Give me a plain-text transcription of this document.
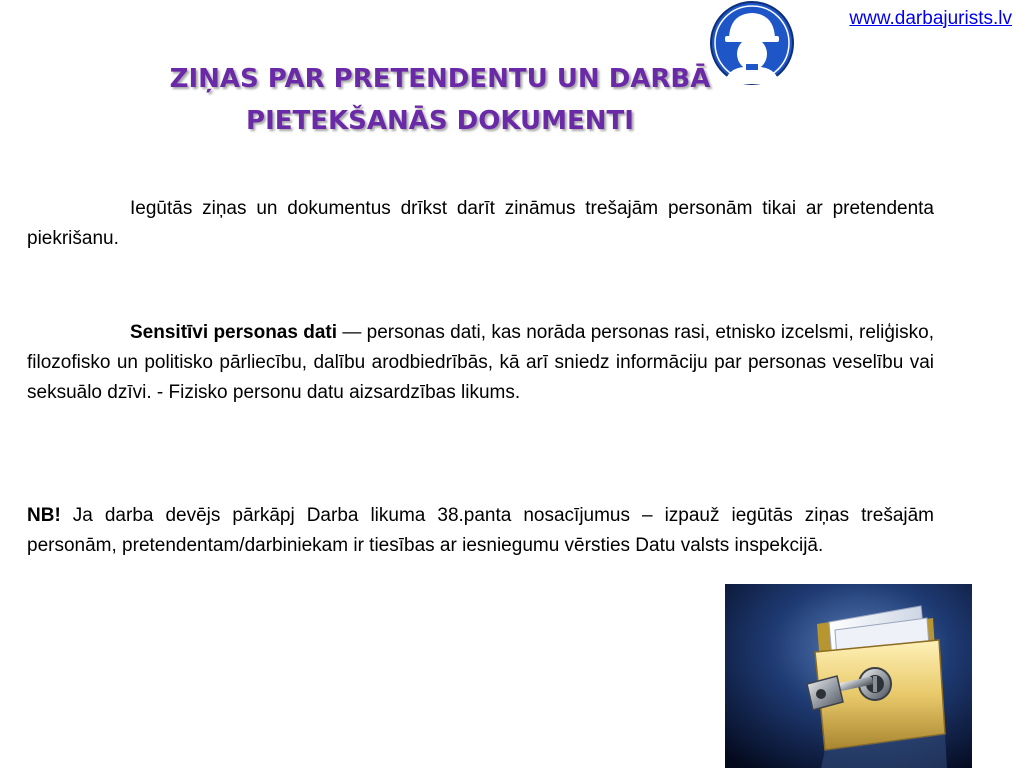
www.darbajurists.lv
ZIŅAS PAR PRETENDENTU UN DARBĀ
PIETEKŠANĀS DOKUMENTI
Iegūtās ziņas un dokumentus drīkst darīt zināmus trešajām personām tikai ar pretendenta piekrišanu.
Sensitīvi personas dati — personas dati, kas norāda personas rasi, etnisko izcelsmi, reliģisko, filozofisko un politisko pārliecību, dalību arodbiedrībās, kā arī sniedz informāciju par personas veselību vai seksuālo dzīvi. - Fizisko personu datu aizsardzības likums.
NB! Ja darba devējs pārkāpj Darba likuma 38.panta nosacījumus – izpauž iegūtās ziņas trešajām personām, pretendentam/darbiniekam ir tiesības ar iesniegumu vērsties Datu valsts inspekcijā.
